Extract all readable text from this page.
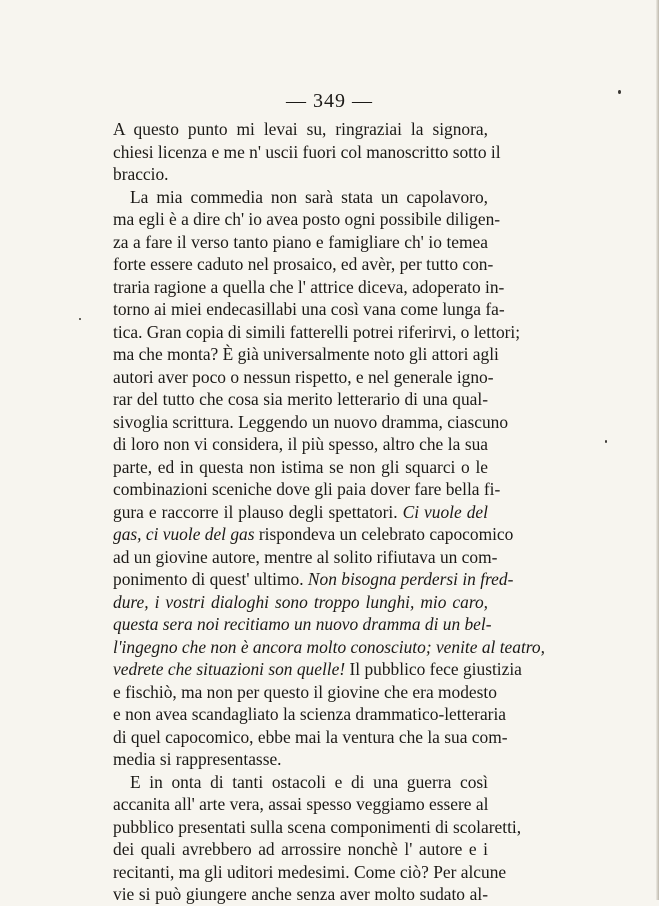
— 349 —
A questo punto mi levai su, ringraziai la signora,
chiesi licenza e me n' uscii fuori col manoscritto sotto il
braccio.
La mia commedia non sarà stata un capolavoro,
ma egli è a dire ch' io avea posto ogni possibile diligen-
za a fare il verso tanto piano e famigliare ch' io temea
forte essere caduto nel prosaico, ed avèr, per tutto con-
traria ragione a quella che l' attrice diceva, adoperato in-
torno ai miei endecasillabi una così vana come lunga fa-
tica. Gran copia di simili fatterelli potrei riferirvi, o lettori;
ma che monta? È già universalmente noto gli attori agli
autori aver poco o nessun rispetto, e nel generale igno-
rar del tutto che cosa sia merito letterario di una qual-
sivoglia scrittura. Leggendo un nuovo dramma, ciascuno
di loro non vi considera, il più spesso, altro che la sua
parte, ed in questa non istima se non gli squarci o le
combinazioni sceniche dove gli paia dover fare bella fi-
gura e raccorre il plauso degli spettatori. Ci vuole del
gas, ci vuole del gas rispondeva un celebrato capocomico
ad un giovine autore, mentre al solito rifiutava un com-
ponimento di quest' ultimo. Non bisogna perdersi in fred-
dure, i vostri dialoghi sono troppo lunghi, mio caro,
questa sera noi recitiamo un nuovo dramma di un bel-
l'ingegno che non è ancora molto conosciuto; venite al teatro,
vedrete che situazioni son quelle! Il pubblico fece giustizia
e fischiò, ma non per questo il giovine che era modesto
e non avea scandagliato la scienza drammatico-letteraria
di quel capocomico, ebbe mai la ventura che la sua com-
media si rappresentasse.
E in onta di tanti ostacoli e di una guerra così
accanita all' arte vera, assai spesso veggiamo essere al
pubblico presentati sulla scena componimenti di scolaretti,
dei quali avrebbero ad arrossire nonchè l' autore e i
recitanti, ma gli uditori medesimi. Come ciò? Per alcune
vie si può giungere anche senza aver molto sudato al-
